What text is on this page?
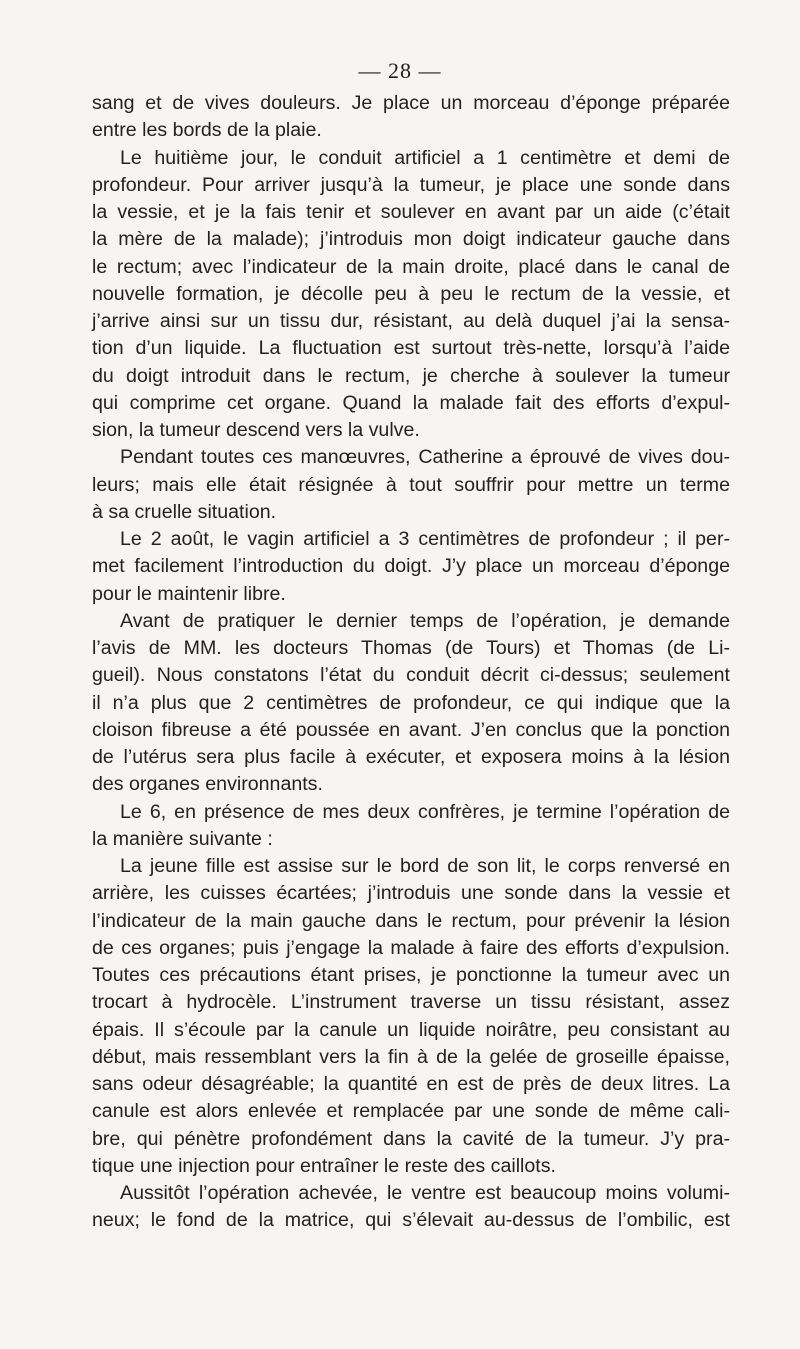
— 28 —
sang et de vives douleurs. Je place un morceau d’éponge préparée
entre les bords de la plaie.
Le huitième jour, le conduit artificiel a 1 centimètre et demi de
profondeur. Pour arriver jusqu’à la tumeur, je place une sonde dans
la vessie, et je la fais tenir et soulever en avant par un aide (c’était
la mère de la malade); j’introduis mon doigt indicateur gauche dans
le rectum; avec l’indicateur de la main droite, placé dans le canal de
nouvelle formation, je décolle peu à peu le rectum de la vessie, et
j’arrive ainsi sur un tissu dur, résistant, au delà duquel j’ai la sensa-
tion d’un liquide. La fluctuation est surtout très-nette, lorsqu’à l’aide
du doigt introduit dans le rectum, je cherche à soulever la tumeur
qui comprime cet organe. Quand la malade fait des efforts d’expul-
sion, la tumeur descend vers la vulve.
Pendant toutes ces manœuvres, Catherine a éprouvé de vives dou-
leurs; mais elle était résignée à tout souffrir pour mettre un terme
à sa cruelle situation.
Le 2 août, le vagin artificiel a 3 centimètres de profondeur ; il per-
met facilement l’introduction du doigt. J’y place un morceau d’éponge
pour le maintenir libre.
Avant de pratiquer le dernier temps de l’opération, je demande
l’avis de MM. les docteurs Thomas (de Tours) et Thomas (de Li-
gueil). Nous constatons l’état du conduit décrit ci-dessus; seulement
il n’a plus que 2 centimètres de profondeur, ce qui indique que la
cloison fibreuse a été poussée en avant. J’en conclus que la ponction
de l’utérus sera plus facile à exécuter, et exposera moins à la lésion
des organes environnants.
Le 6, en présence de mes deux confrères, je termine l’opération de
la manière suivante :
La jeune fille est assise sur le bord de son lit, le corps renversé en
arrière, les cuisses écartées; j’introduis une sonde dans la vessie et
l’indicateur de la main gauche dans le rectum, pour prévenir la lésion
de ces organes; puis j’engage la malade à faire des efforts d’expulsion.
Toutes ces précautions étant prises, je ponctionne la tumeur avec un
trocart à hydrocèle. L’instrument traverse un tissu résistant, assez
épais. Il s’écoule par la canule un liquide noirâtre, peu consistant au
début, mais ressemblant vers la fin à de la gelée de groseille épaisse,
sans odeur désagréable; la quantité en est de près de deux litres. La
canule est alors enlevée et remplacée par une sonde de même cali-
bre, qui pénètre profondément dans la cavité de la tumeur. J’y pra-
tique une injection pour entraîner le reste des caillots.
Aussitôt l’opération achevée, le ventre est beaucoup moins volumi-
neux; le fond de la matrice, qui s’élevait au-dessus de l’ombilic, est
